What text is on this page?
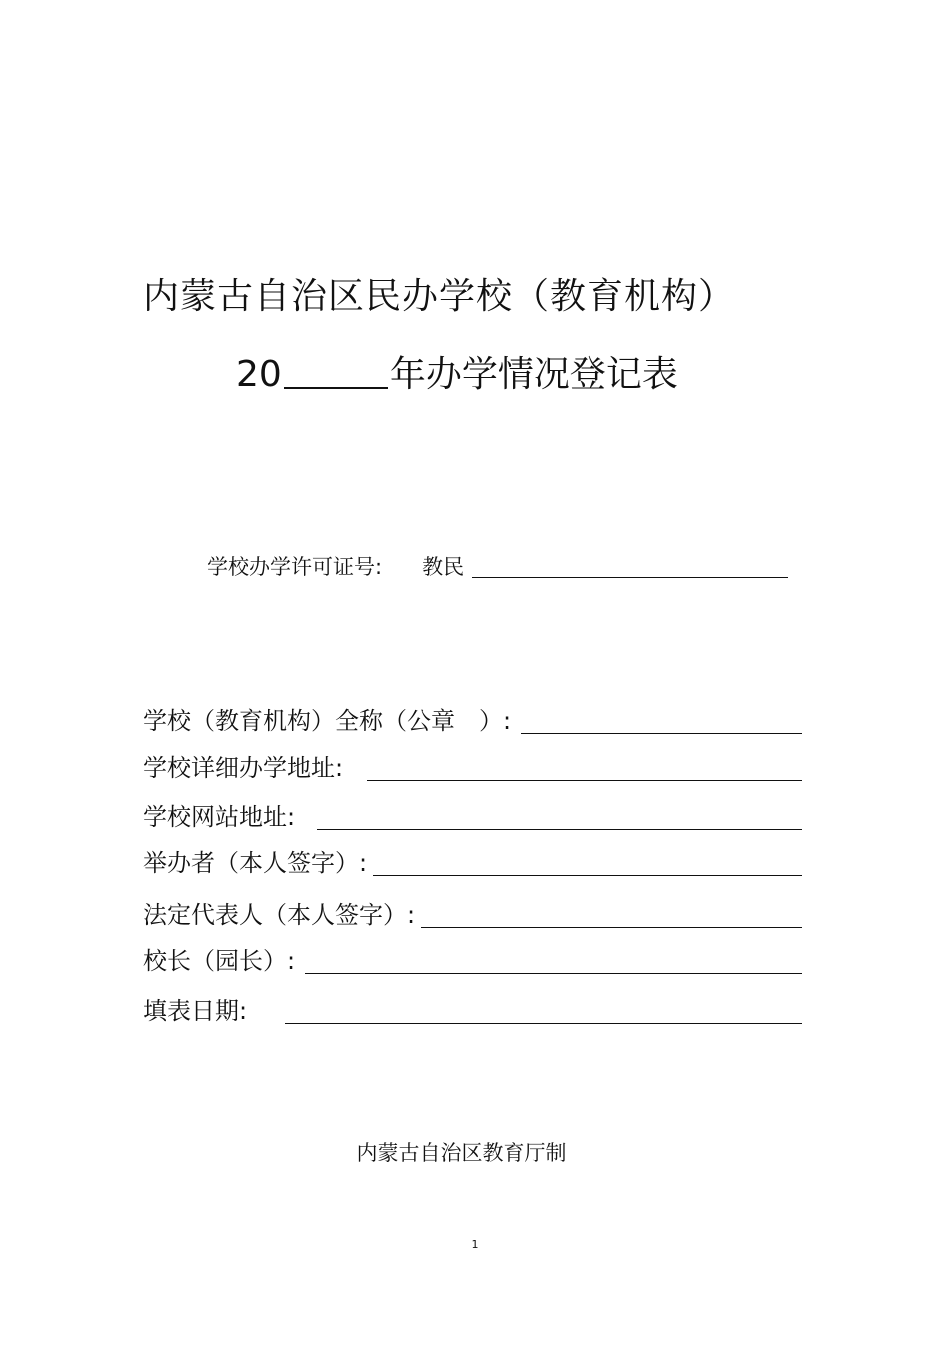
内蒙古自治区民办学校（教育机构）
20	年办学情况登记表
学校办学许可证号: 教民
学校（教育机构）全称（公章　）:
学校详细办学地址:
学校网站地址:
举办者（本人签字）:
法定代表人（本人签字）:
校长（园长）:
填表日期:
内蒙古自治区教育厅制
1
